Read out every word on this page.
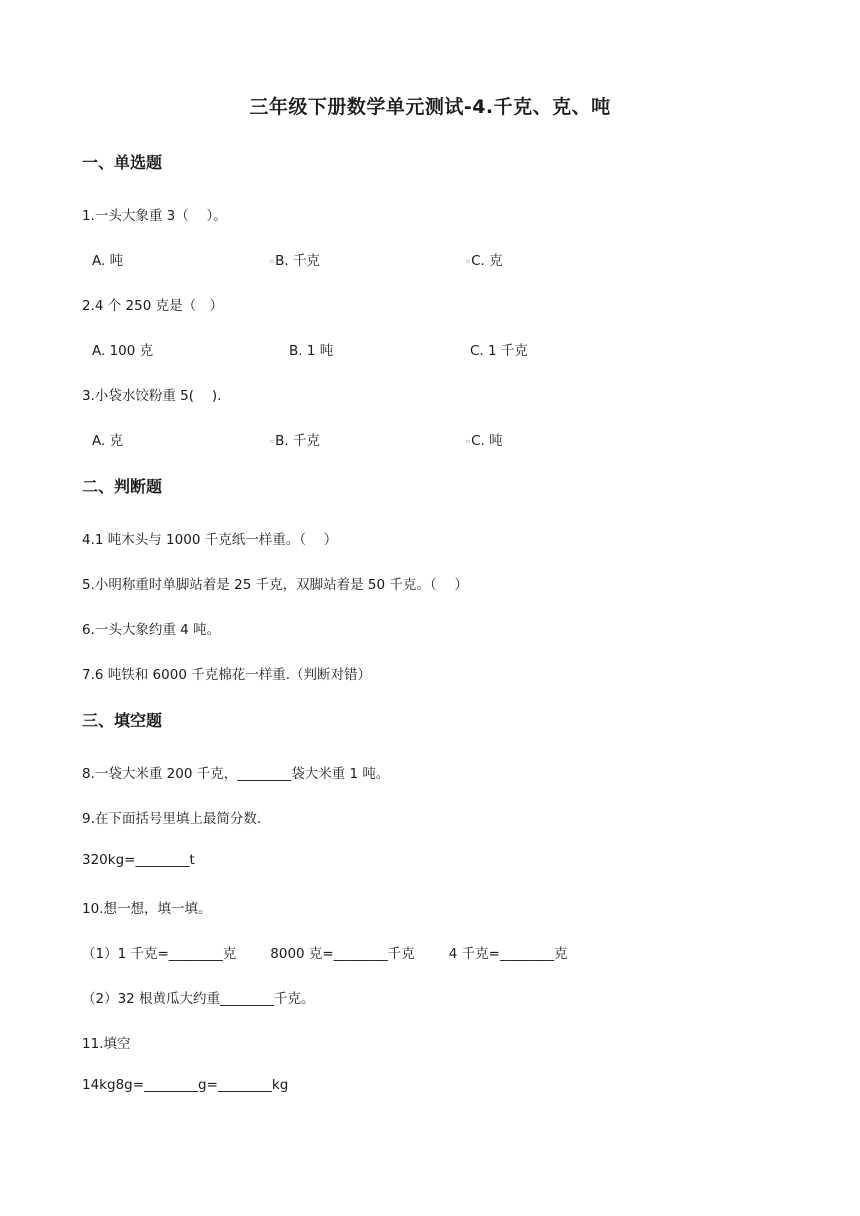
三年级下册数学单元测试-4.千克、克、吨
一、单选题
1.一头大象重 3（　 ）。
A. 吨	▫B. 千克	▫C. 克
2.4 个 250 克是（　）
A. 100 克	B. 1 吨	C. 1 千克
3.小袋水饺粉重 5(　 ).
A. 克	▫B. 千克	▫C. 吨
二、判断题
4.1 吨木头与 1000 千克纸一样重。（　 ）
5.小明称重时单脚站着是 25 千克，双脚站着是 50 千克。（　 ）
6.一头大象约重 4 吨。
7.6 吨铁和 6000 千克棉花一样重.（判断对错）
三、填空题
8.一袋大米重 200 千克，________袋大米重 1 吨。
9.在下面括号里填上最简分数.
320kg=________t
10.想一想，填一填。
（1）1 千克=________克	8000 克=________千克	4 千克=________克
（2）32 根黄瓜大约重________千克。
11.填空
14kg8g=________g=________kg
